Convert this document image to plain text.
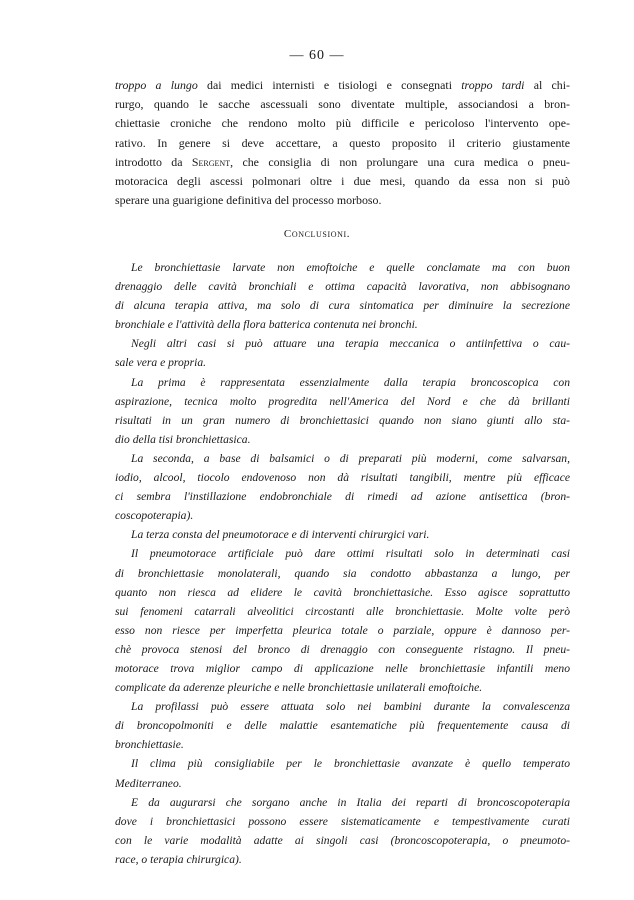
— 60 —
troppo a lungo dai medici internisti e tisiologi e consegnati troppo tardi al chi-
rurgo, quando le sacche ascessuali sono diventate multiple, associandosi a bron-
chiettasie croniche che rendono molto più difficile e pericoloso l'intervento ope-
rativo. In genere si deve accettare, a questo proposito il criterio giustamente
introdotto da Sergent, che consiglia di non prolungare una cura medica o pneu-
motoracica degli ascessi polmonari oltre i due mesi, quando da essa non si può
sperare una guarigione definitiva del processo morboso.
Conclusioni.
Le bronchiettasie larvate non emoftoiche e quelle conclamate ma con buon
drenaggio delle cavità bronchiali e ottima capacità lavorativa, non abbisognano
di alcuna terapia attiva, ma solo di cura sintomatica per diminuire la secrezione
bronchiale e l'attività della flora batterica contenuta nei bronchi.
Negli altri casi si può attuare una terapia meccanica o antiinfettiva o cau-
sale vera e propria.
La prima è rappresentata essenzialmente dalla terapia broncoscopica con
aspirazione, tecnica molto progredita nell'America del Nord e che dà brillanti
risultati in un gran numero di bronchiettasici quando non siano giunti allo sta-
dio della tisi bronchiettasica.
La seconda, a base di balsamici o di preparati più moderni, come salvarsan,
iodio, alcool, tiocolo endovenoso non dà risultati tangibili, mentre più efficace
ci sembra l'instillazione endobronchiale di rimedi ad azione antisettica (bron-
coscopoterapia).
La terza consta del pneumotorace e di interventi chirurgici vari.
Il pneumotorace artificiale può dare ottimi risultati solo in determinati casi
di bronchiettasie monolaterali, quando sia condotto abbastanza a lungo, per
quanto non riesca ad elidere le cavità bronchiettasiche. Esso agisce soprattutto
sui fenomeni catarrali alveolitici circostanti alle bronchiettasie. Molte volte però
esso non riesce per imperfetta pleurica totale o parziale, oppure è dannoso per-
chè provoca stenosi del bronco di drenaggio con conseguente ristagno. Il pneu-
motorace trova miglior campo di applicazione nelle bronchiettasie infantili meno
complicate da aderenze pleuriche e nelle bronchiettasie unilaterali emoftoiche.
La profilassi può essere attuata solo nei bambini durante la convalescenza
di broncopolmoniti e delle malattie esantematiche più frequentemente causa di
bronchiettasie.
Il clima più consigliabile per le bronchiettasie avanzate è quello temperato
Mediterraneo.
E da augurarsi che sorgano anche in Italia dei reparti di broncoscopoterapia
dove i bronchiettasici possono essere sistematicamente e tempestivamente curati
con le varie modalità adatte ai singoli casi (broncoscopoterapia, o pneumoto-
race, o terapia chirurgica).
